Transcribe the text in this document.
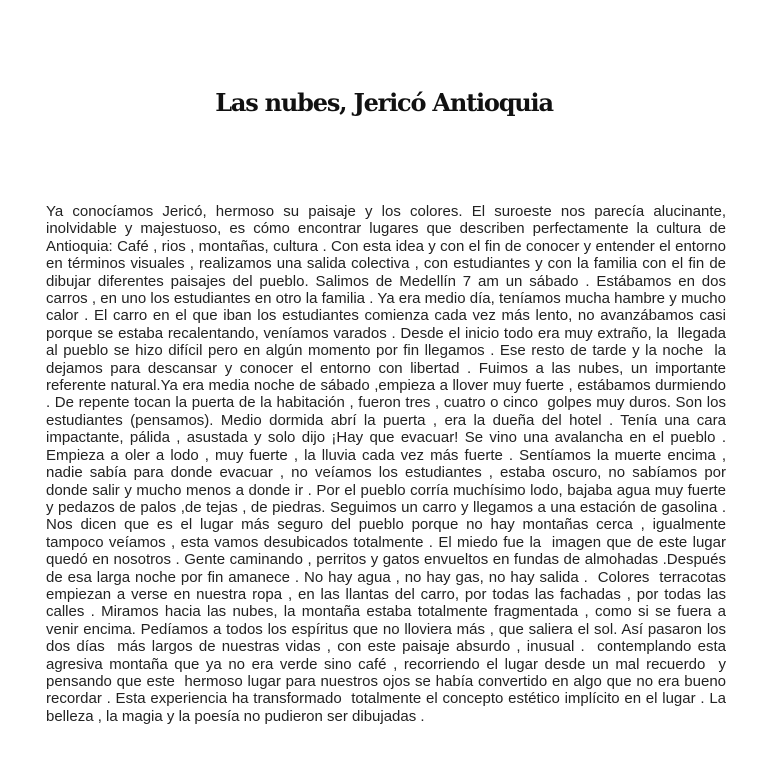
Las nubes, Jericó Antioquia

Ya conocíamos Jericó, hermoso su paisaje y los colores. El suroeste nos parecía alucinante, inolvidable y majestuoso, es cómo encontrar lugares que describen perfectamente la cultura de Antioquia: Café , rios , montañas, cultura . Con esta idea y con el fin de conocer y entender el entorno en términos visuales , realizamos una salida colectiva , con estudiantes y con la familia con el fin de dibujar diferentes paisajes del pueblo. Salimos de Medellín 7 am un sábado . Estábamos en dos carros , en uno los estudiantes en otro la familia . Ya era medio día, teníamos mucha hambre y mucho calor . El carro en el que iban los estudiantes comienza cada vez más lento, no avanzábamos casi porque se estaba recalentando, veníamos varados . Desde el inicio todo era muy extraño, la  llegada al pueblo se hizo difícil pero en algún momento por fin llegamos . Ese resto de tarde y la noche  la dejamos para descansar y conocer el entorno con libertad . Fuimos a las nubes, un importante referente natural.Ya era media noche de sábado ,empieza a llover muy fuerte , estábamos durmiendo . De repente tocan la puerta de la habitación , fueron tres , cuatro o cinco  golpes muy duros. Son los estudiantes (pensamos). Medio dormida abrí la puerta , era la dueña del hotel . Tenía una cara impactante, pálida , asustada y solo dijo ¡Hay que evacuar! Se vino una avalancha en el pueblo . Empieza a oler a lodo , muy fuerte , la lluvia cada vez más fuerte . Sentíamos la muerte encima , nadie sabía para donde evacuar , no veíamos los estudiantes , estaba oscuro, no sabíamos por donde salir y mucho menos a donde ir . Por el pueblo corría muchísimo lodo, bajaba agua muy fuerte y pedazos de palos ,de tejas , de piedras. Seguimos un carro y llegamos a una estación de gasolina . Nos dicen que es el lugar más seguro del pueblo porque no hay montañas cerca , igualmente tampoco veíamos , esta vamos desubicados totalmente . El miedo fue la  imagen que de este lugar quedó en nosotros . Gente caminando , perritos y gatos envueltos en fundas de almohadas .Después de esa larga noche por fin amanece . No hay agua , no hay gas, no hay salida .  Colores  terracotas empiezan a verse en nuestra ropa , en las llantas del carro, por todas las fachadas , por todas las calles . Miramos hacia las nubes, la montaña estaba totalmente fragmentada , como si se fuera a venir encima. Pedíamos a todos los espíritus que no lloviera más , que saliera el sol. Así pasaron los dos días  más largos de nuestras vidas , con este paisaje absurdo , inusual .  contemplando esta agresiva montaña que ya no era verde sino café , recorriendo el lugar desde un mal recuerdo  y pensando que este  hermoso lugar para nuestros ojos se había convertido en algo que no era bueno  recordar . Esta experiencia ha transformado  totalmente el concepto estético implícito en el lugar . La belleza , la magia y la poesía no pudieron ser dibujadas .
